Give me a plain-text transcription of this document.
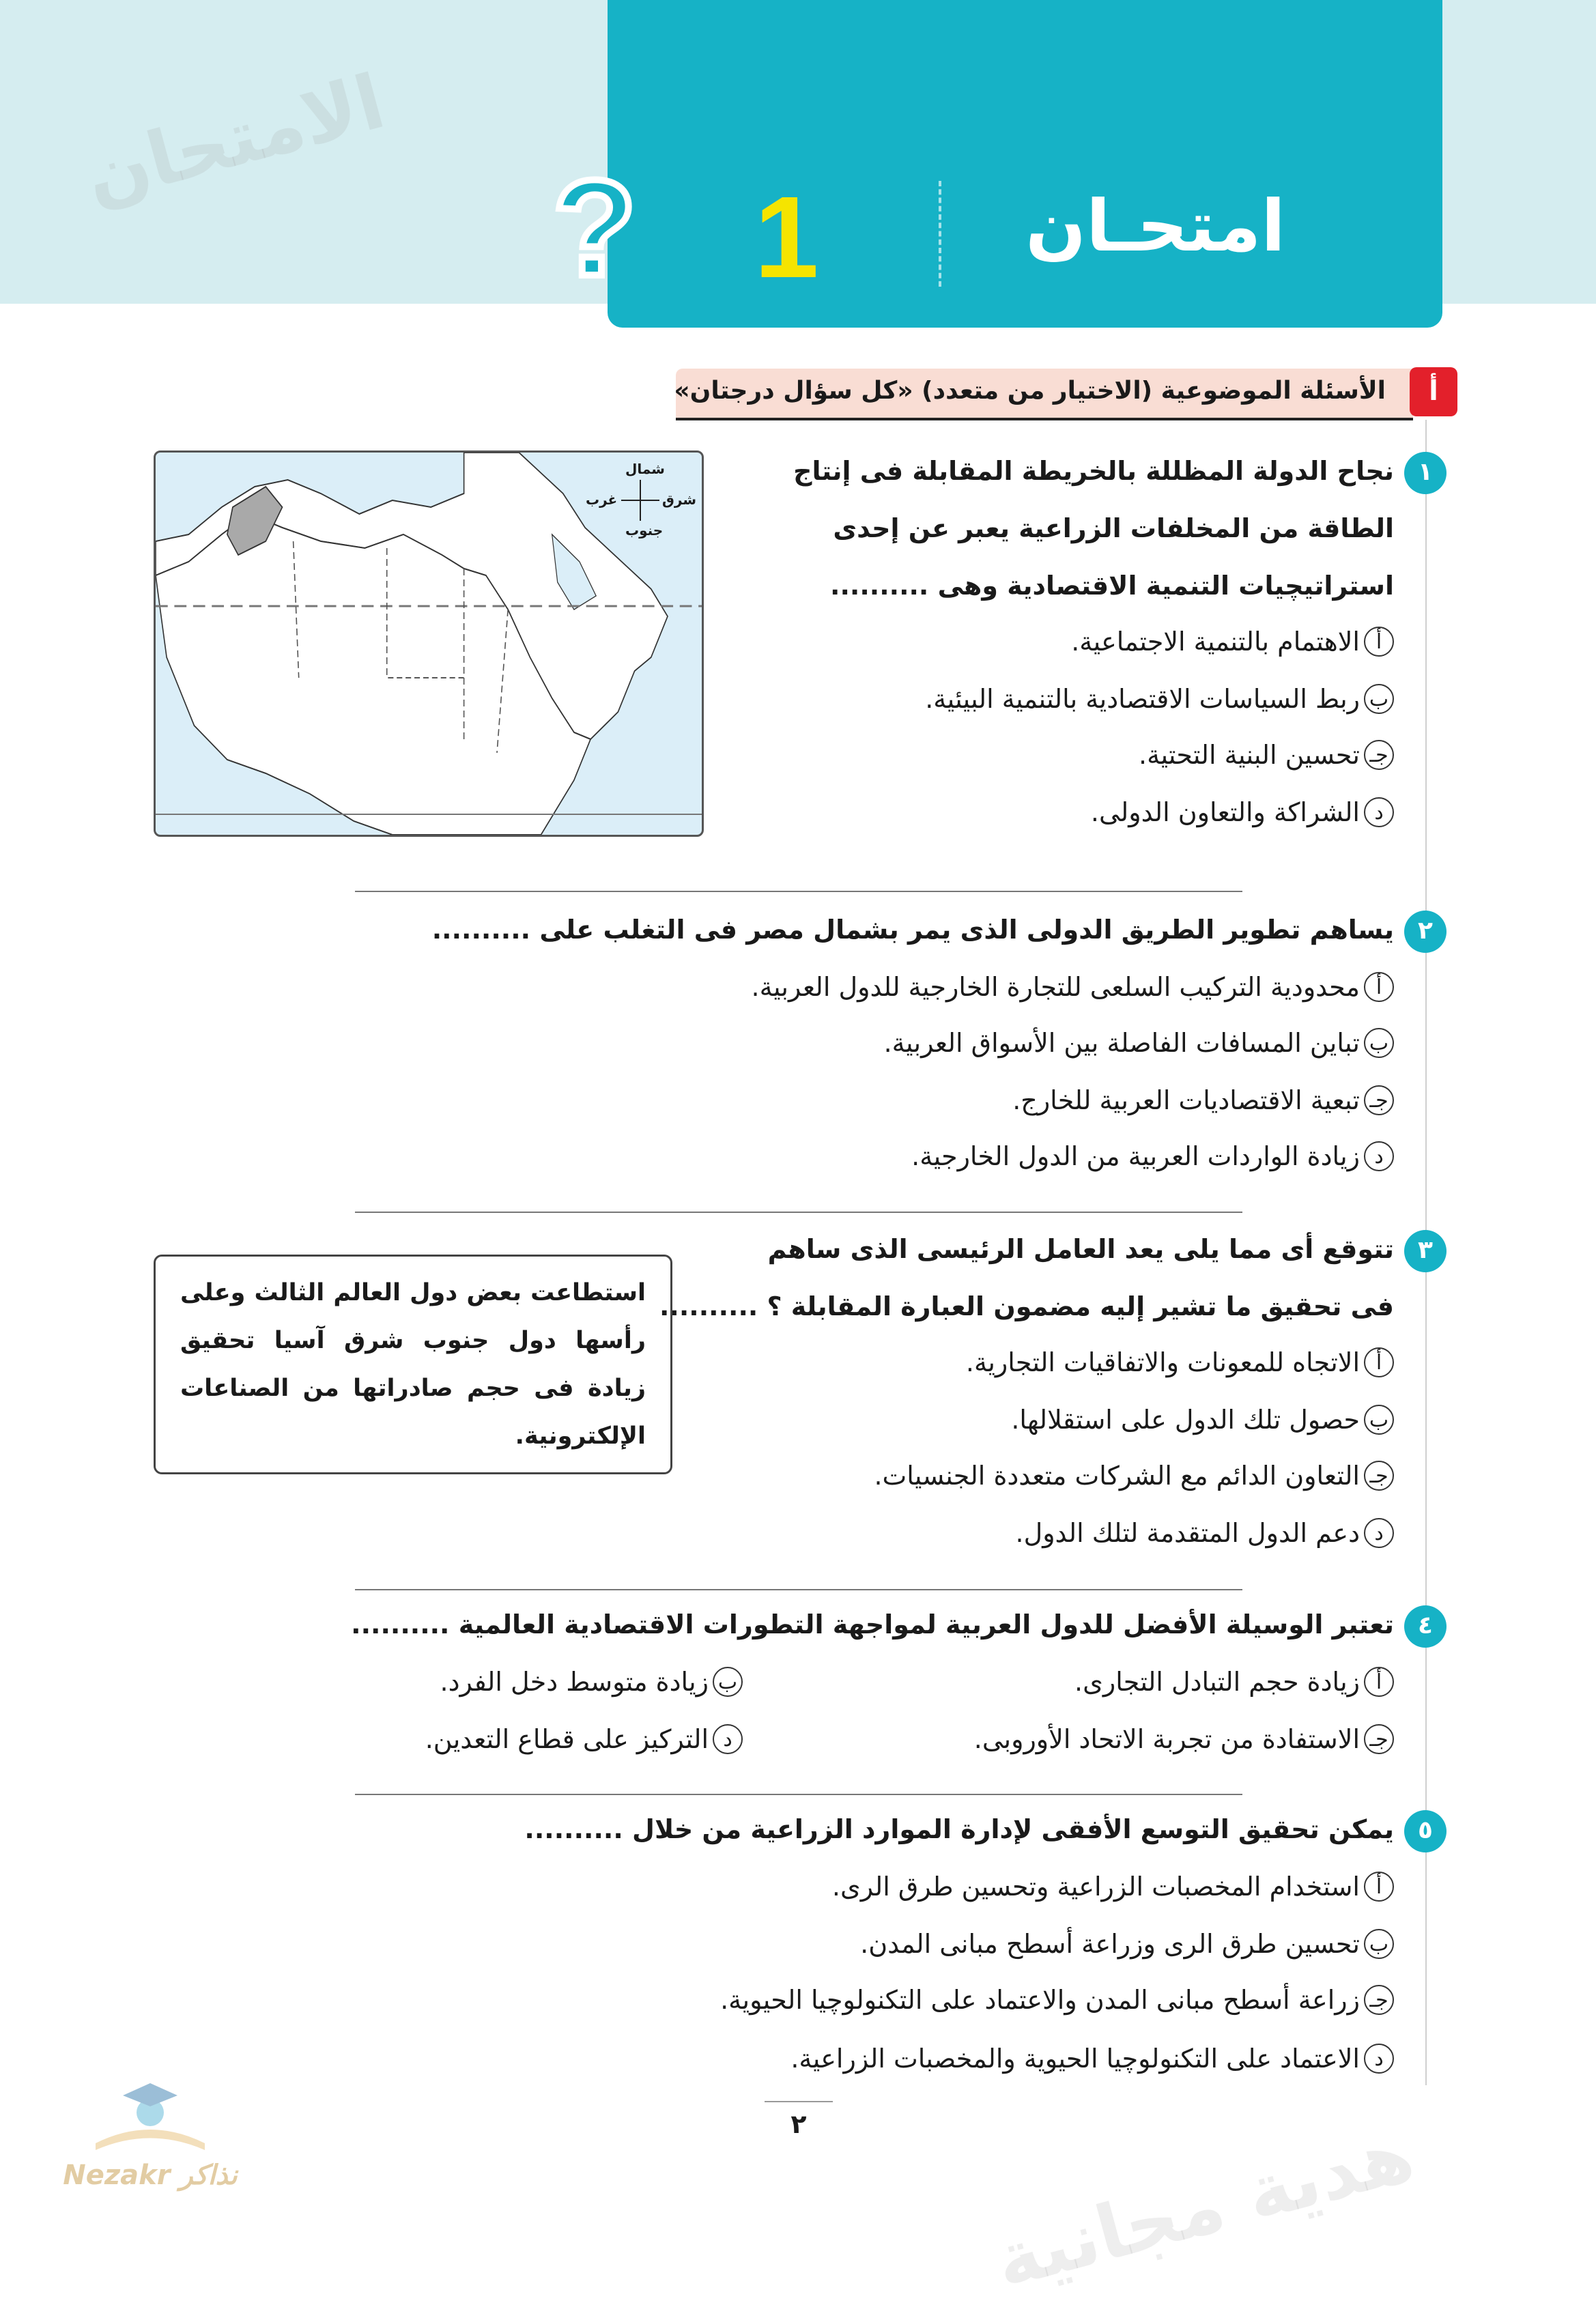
? 1	امتحـان
الامتحان
هدية مجانية
الأسئلة الموضوعية (الاختيار من متعدد) «كل سؤال درجتان»	أ
شمال
جنوب
شرق
غرب
١
نجاح الدولة المظللة بالخريطة المقابلة فى إنتاج
الطاقة من المخلفات الزراعية يعبر عن إحدى
استراتيچيات التنمية الاقتصادية وهى ..........
أ
الاهتمام بالتنمية الاجتماعية.
ب
ربط السياسات الاقتصادية بالتنمية البيئية.
جـ
تحسين البنية التحتية.
د
الشراكة والتعاون الدولى.
٢
يساهم تطوير الطريق الدولى الذى يمر بشمال مصر فى التغلب على ..........
أ
محدودية التركيب السلعى للتجارة الخارجية للدول العربية.
ب
تباين المسافات الفاصلة بين الأسواق العربية.
جـ
تبعية الاقتصاديات العربية للخارج.
د
زيادة الواردات العربية من الدول الخارجية.
٣
تتوقع أى مما يلى يعد العامل الرئيسى الذى ساهم
فى تحقيق ما تشير إليه مضمون العبارة المقابلة ؟ ..........
استطاعت بعض دول العالم الثالث وعلى رأسها دول جنوب شرق آسيا تحقيق زيادة فى حجم صادراتها من الصناعات الإلكترونية.
أ
الاتجاه للمعونات والاتفاقيات التجارية.
ب
حصول تلك الدول على استقلالها.
جـ
التعاون الدائم مع الشركات متعددة الجنسيات.
د
دعم الدول المتقدمة لتلك الدول.
٤
تعتبر الوسيلة الأفضل للدول العربية لمواجهة التطورات الاقتصادية العالمية ..........
أ
زيادة حجم التبادل التجارى.
ب
زيادة متوسط دخل الفرد.
جـ
الاستفادة من تجربة الاتحاد الأوروبى.
د
التركيز على قطاع التعدين.
٥
يمكن تحقيق التوسع الأفقى لإدارة الموارد الزراعية من خلال ..........
أ
استخدام المخصبات الزراعية وتحسين طرق الرى.
ب
تحسين طرق الرى وزراعة أسطح مبانى المدن.
جـ
زراعة أسطح مبانى المدن والاعتماد على التكنولوچيا الحيوية.
د
الاعتماد على التكنولوچيا الحيوية والمخصبات الزراعية.
٢
Nezakr نذاكر
